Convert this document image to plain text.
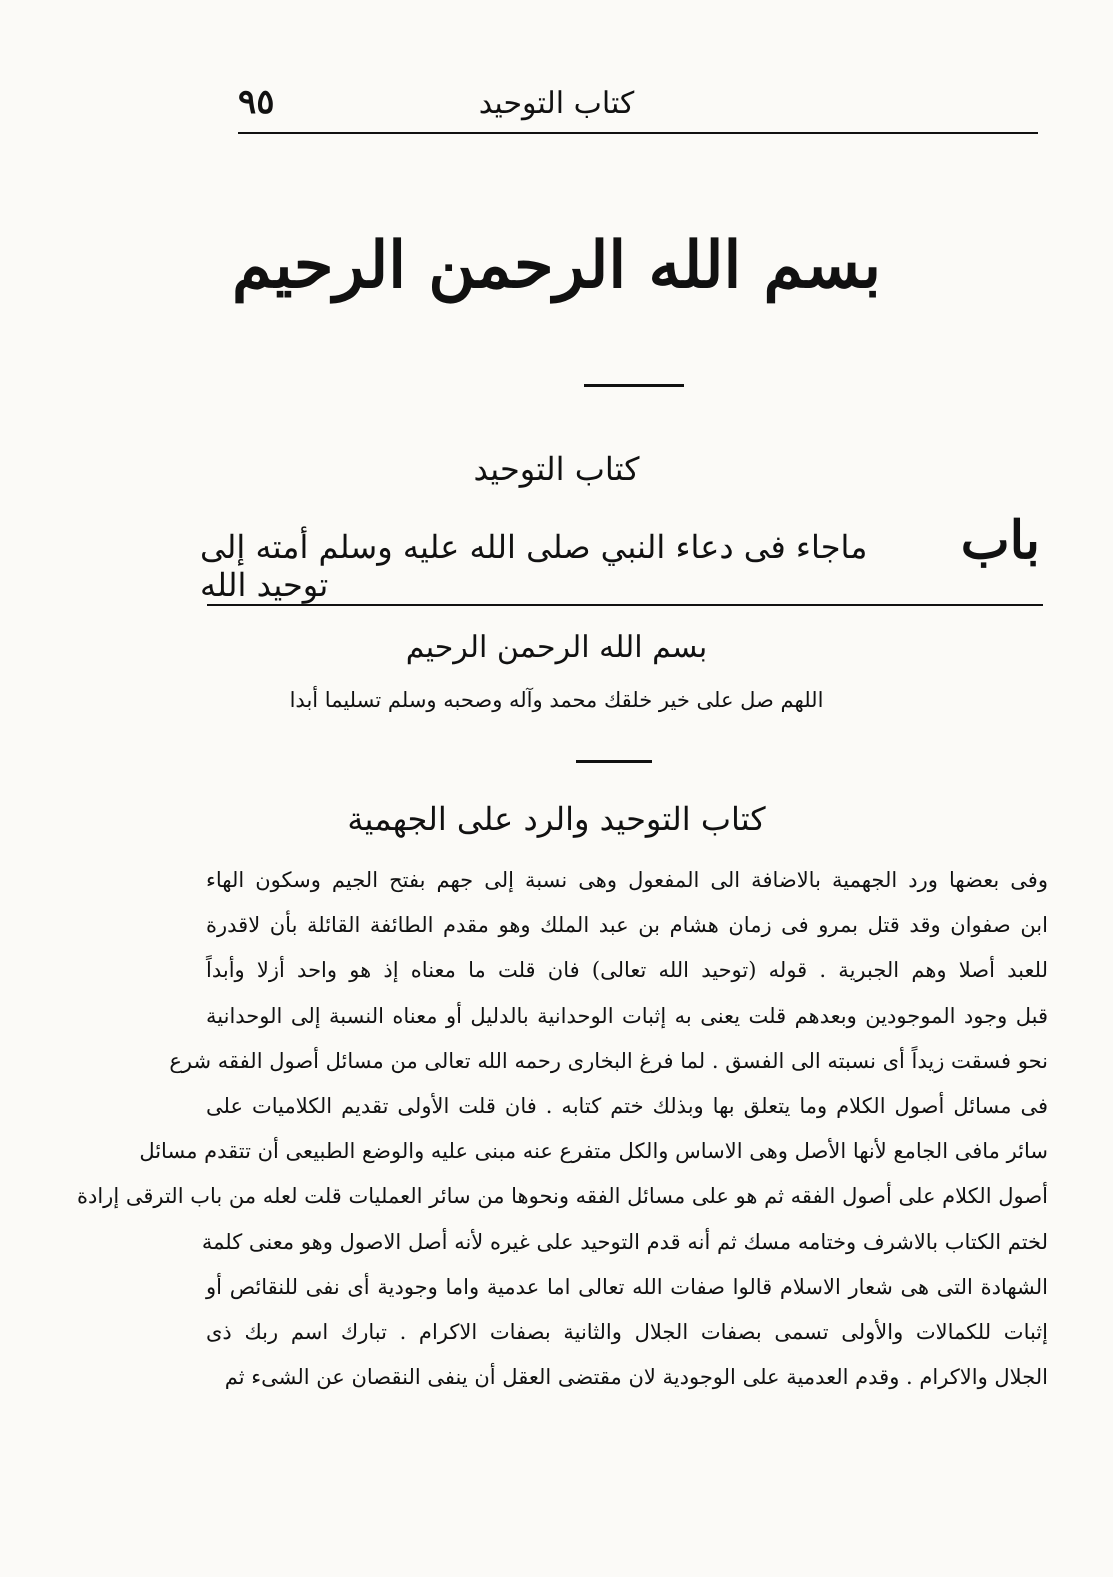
٩٥	كتاب التوحيد
بسم الله الرحمن الرحيم
كتاب التوحيد
باب
ماجاء فى دعاء النبي صلى الله عليه وسلم أمته إلى توحيد الله
بسم الله الرحمن الرحيم
اللهم صل على خير خلقك محمد وآله وصحبه وسلم تسليما أبدا
كتاب التوحيد والرد على الجهمية
وفى بعضها ورد الجهمية بالاضافة الى المفعول وهى نسبة إلى جهم بفتح الجيم وسكون الهاء
ابن صفوان وقد قتل بمرو فى زمان هشام بن عبد الملك وهو مقدم الطائفة القائلة بأن لاقدرة
للعبد أصلا وهم الجبرية . قوله (توحيد الله تعالى) فان قلت ما معناه إذ هو واحد أزلا وأبداً
قبل وجود الموجودين وبعدهم قلت يعنى به إثبات الوحدانية بالدليل أو معناه النسبة إلى الوحدانية
نحو فسقت زيداً أى نسبته الى الفسق . لما فرغ البخارى رحمه الله تعالى من مسائل أصول الفقه شرع
فى مسائل أصول الكلام وما يتعلق بها وبذلك ختم كتابه . فان قلت الأولى تقديم الكلاميات على
سائر مافى الجامع لأنها الأصل وهى الاساس والكل متفرع عنه مبنى عليه والوضع الطبيعى أن تتقدم مسائل
أصول الكلام على أصول الفقه ثم هو على مسائل الفقه ونحوها من سائر العمليات قلت لعله من باب الترقى إرادة
لختم الكتاب بالاشرف وختامه مسك ثم أنه قدم التوحيد على غيره لأنه أصل الاصول وهو معنى كلمة
الشهادة التى هى شعار الاسلام قالوا صفات الله تعالى اما عدمية واما وجودية أى نفى للنقائص أو
إثبات للكمالات والأولى تسمى بصفات الجلال والثانية بصفات الاكرام . تبارك اسم ربك ذى
الجلال والاكرام . وقدم العدمية على الوجودية لان مقتضى العقل أن ينفى النقصان عن الشىء ثم
